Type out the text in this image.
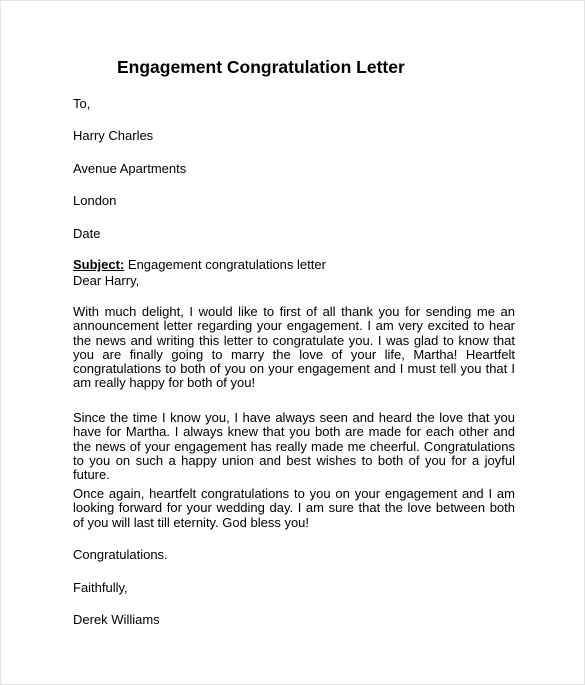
Engagement Congratulation Letter

To,

Harry Charles

Avenue Apartments

London

Date

Subject: Engagement congratulations letter

Dear Harry,

With much delight, I would like to first of all thank you for sending me an announcement letter regarding your engagement. I am very excited to hear the news and writing this letter to congratulate you. I was glad to know that you are finally going to marry the love of your life, Martha! Heartfelt congratulations to both of you on your engagement and I must tell you that I am really happy for both of you!

Since the time I know you, I have always seen and heard the love that you have for Martha. I always knew that you both are made for each other and the news of your engagement has really made me cheerful. Congratulations to you on such a happy union and best wishes to both of you for a joyful future.

Once again, heartfelt congratulations to you on your engagement and I am looking forward for your wedding day. I am sure that the love between both of you will last till eternity. God bless you!

Congratulations.

Faithfully,

Derek Williams
